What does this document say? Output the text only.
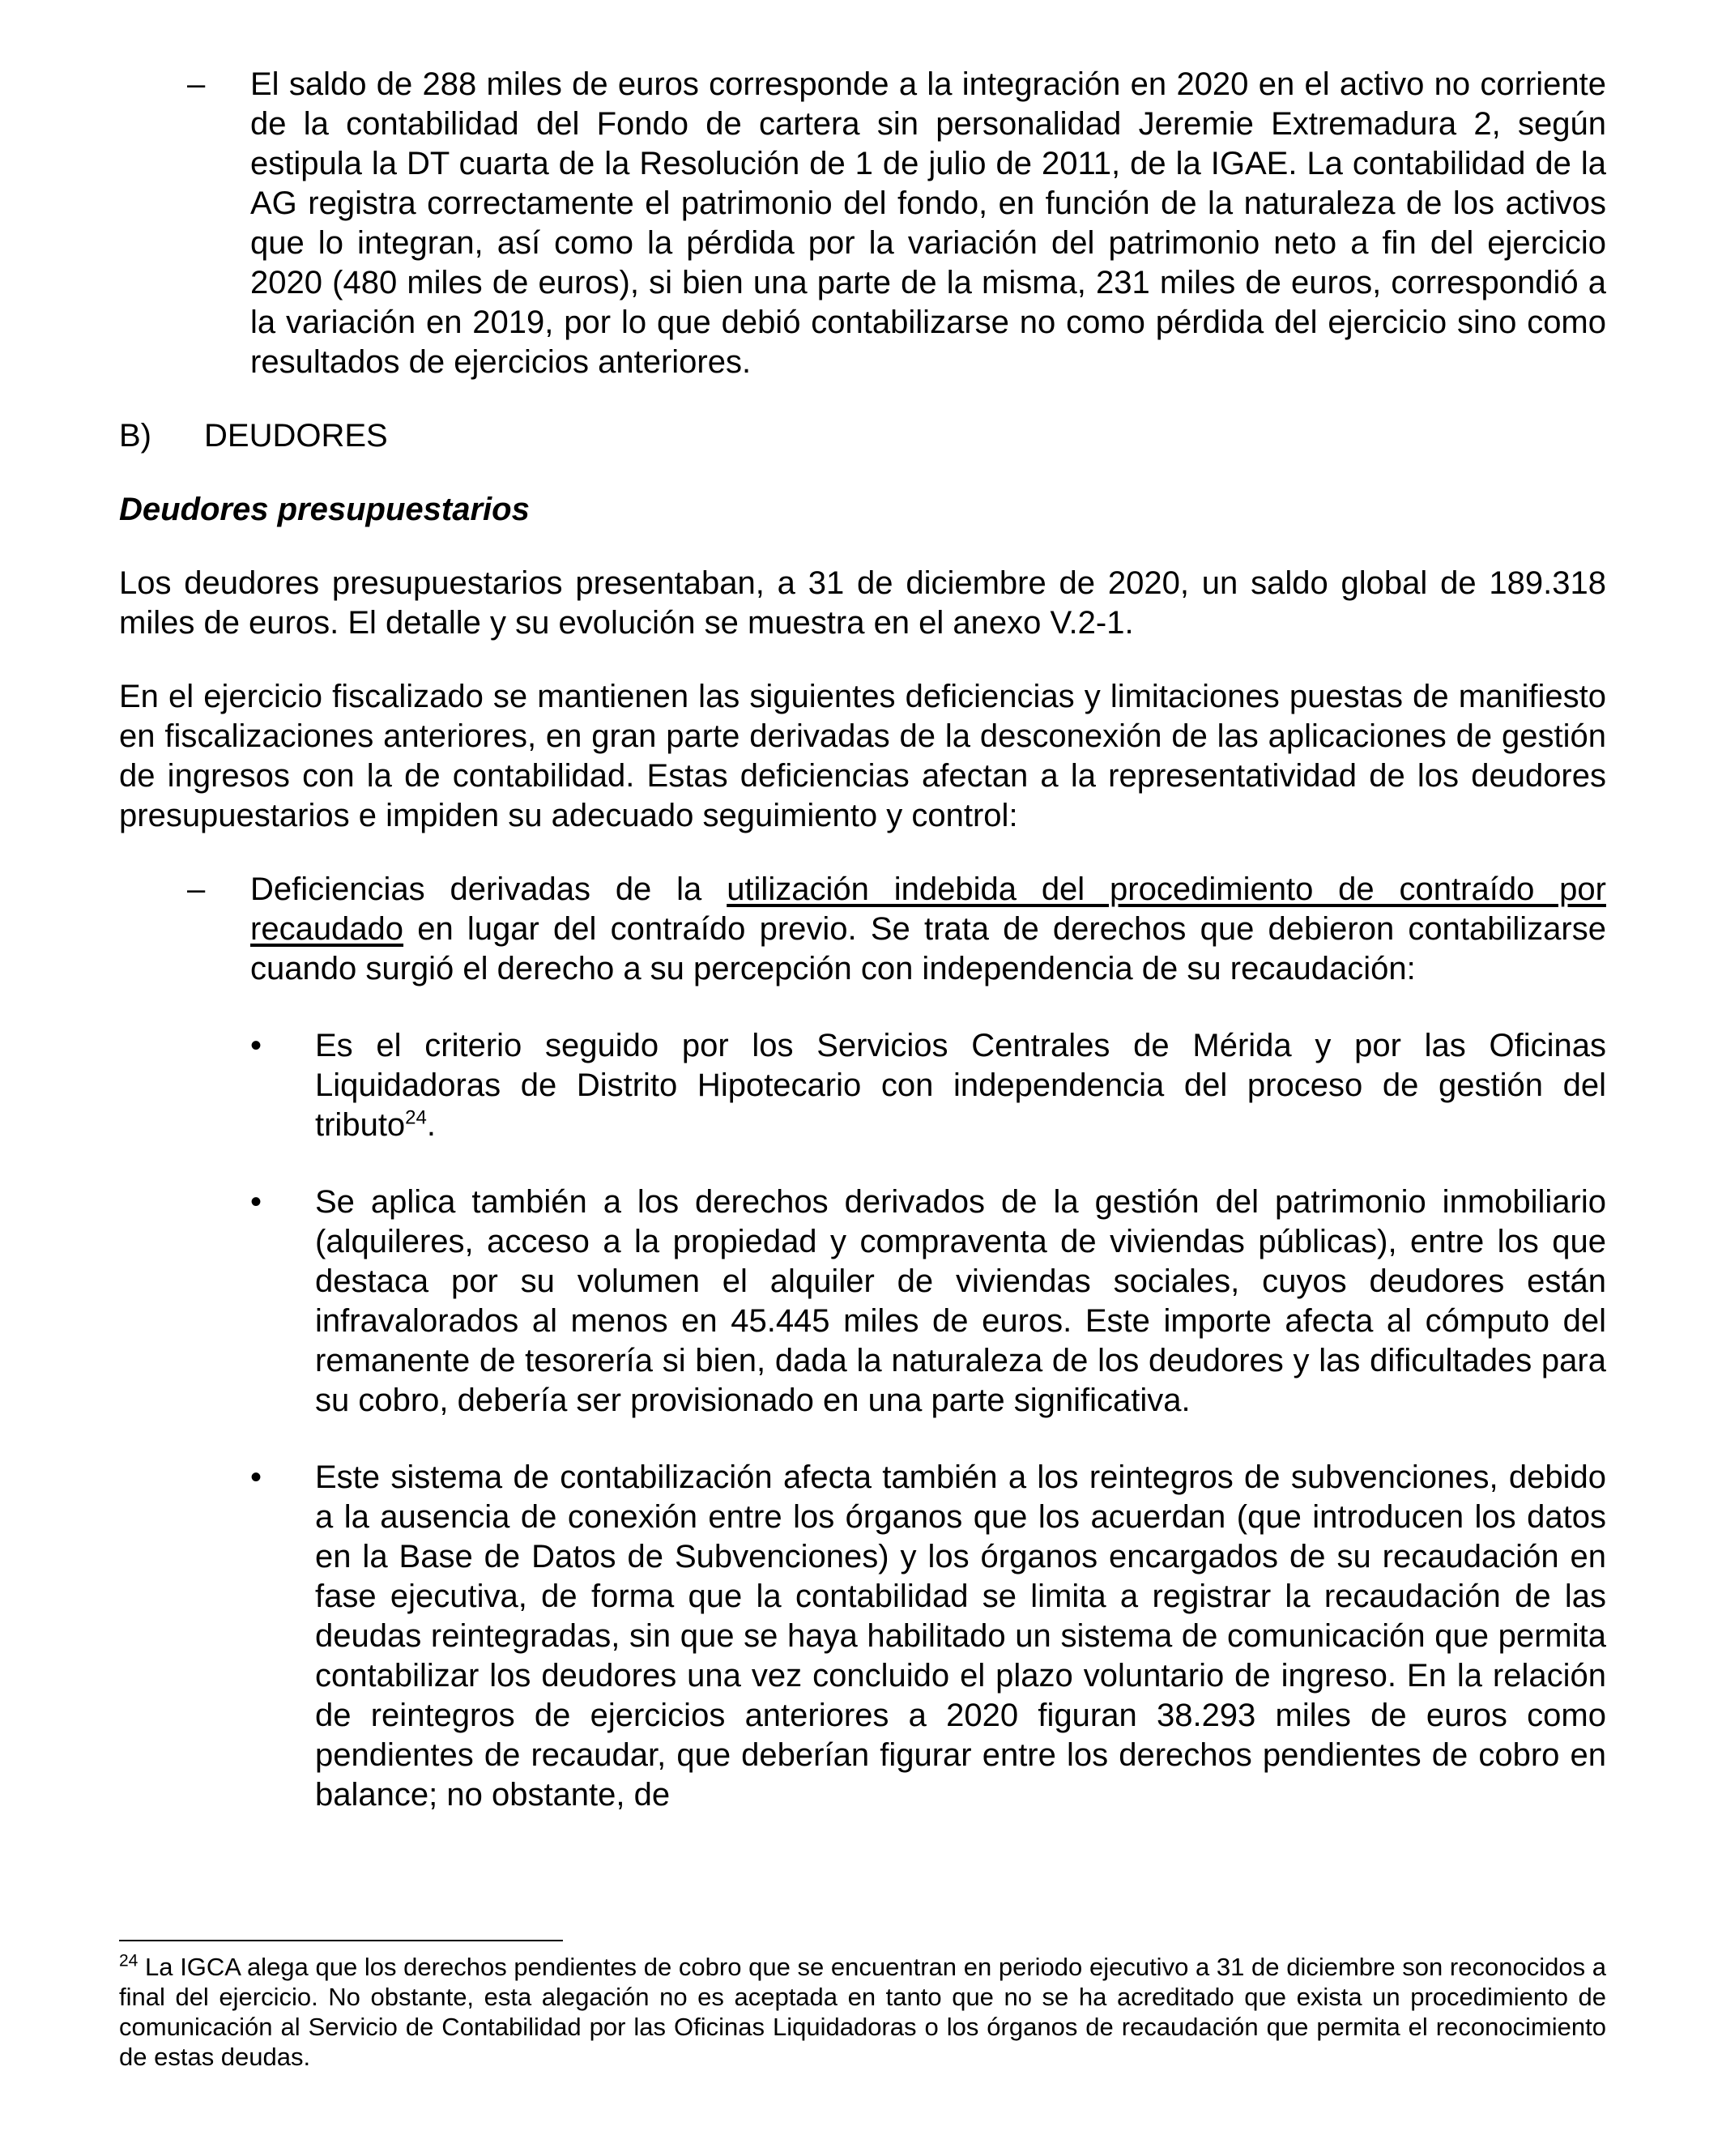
– El saldo de 288 miles de euros corresponde a la integración en 2020 en el activo no corriente de la contabilidad del Fondo de cartera sin personalidad Jeremie Extremadura 2, según estipula la DT cuarta de la Resolución de 1 de julio de 2011, de la IGAE. La contabilidad de la AG registra correctamente el patrimonio del fondo, en función de la naturaleza de los activos que lo integran, así como la pérdida por la variación del patrimonio neto a fin del ejercicio 2020 (480 miles de euros), si bien una parte de la misma, 231 miles de euros, correspondió a la variación en 2019, por lo que debió contabilizarse no como pérdida del ejercicio sino como resultados de ejercicios anteriores.

B) DEUDORES

Deudores presupuestarios

Los deudores presupuestarios presentaban, a 31 de diciembre de 2020, un saldo global de 189.318 miles de euros. El detalle y su evolución se muestra en el anexo V.2-1.

En el ejercicio fiscalizado se mantienen las siguientes deficiencias y limitaciones puestas de manifiesto en fiscalizaciones anteriores, en gran parte derivadas de la desconexión de las aplicaciones de gestión de ingresos con la de contabilidad. Estas deficiencias afectan a la representatividad de los deudores presupuestarios e impiden su adecuado seguimiento y control:

– Deficiencias derivadas de la utilización indebida del procedimiento de contraído por recaudado en lugar del contraído previo. Se trata de derechos que debieron contabilizarse cuando surgió el derecho a su percepción con independencia de su recaudación:

• Es el criterio seguido por los Servicios Centrales de Mérida y por las Oficinas Liquidadoras de Distrito Hipotecario con independencia del proceso de gestión del tributo$^{24}$.

• Se aplica también a los derechos derivados de la gestión del patrimonio inmobiliario (alquileres, acceso a la propiedad y compraventa de viviendas públicas), entre los que destaca por su volumen el alquiler de viviendas sociales, cuyos deudores están infravalorados al menos en 45.445 miles de euros. Este importe afecta al cómputo del remanente de tesorería si bien, dada la naturaleza de los deudores y las dificultades para su cobro, debería ser provisionado en una parte significativa.

• Este sistema de contabilización afecta también a los reintegros de subvenciones, debido a la ausencia de conexión entre los órganos que los acuerdan (que introducen los datos en la Base de Datos de Subvenciones) y los órganos encargados de su recaudación en fase ejecutiva, de forma que la contabilidad se limita a registrar la recaudación de las deudas reintegradas, sin que se haya habilitado un sistema de comunicación que permita contabilizar los deudores una vez concluido el plazo voluntario de ingreso. En la relación de reintegros de ejercicios anteriores a 2020 figuran 38.293 miles de euros como pendientes de recaudar, que deberían figurar entre los derechos pendientes de cobro en balance; no obstante, de

$^{24}$ La IGCA alega que los derechos pendientes de cobro que se encuentran en periodo ejecutivo a 31 de diciembre son reconocidos a final del ejercicio. No obstante, esta alegación no es aceptada en tanto que no se ha acreditado que exista un procedimiento de comunicación al Servicio de Contabilidad por las Oficinas Liquidadoras o los órganos de recaudación que permita el reconocimiento de estas deudas.
